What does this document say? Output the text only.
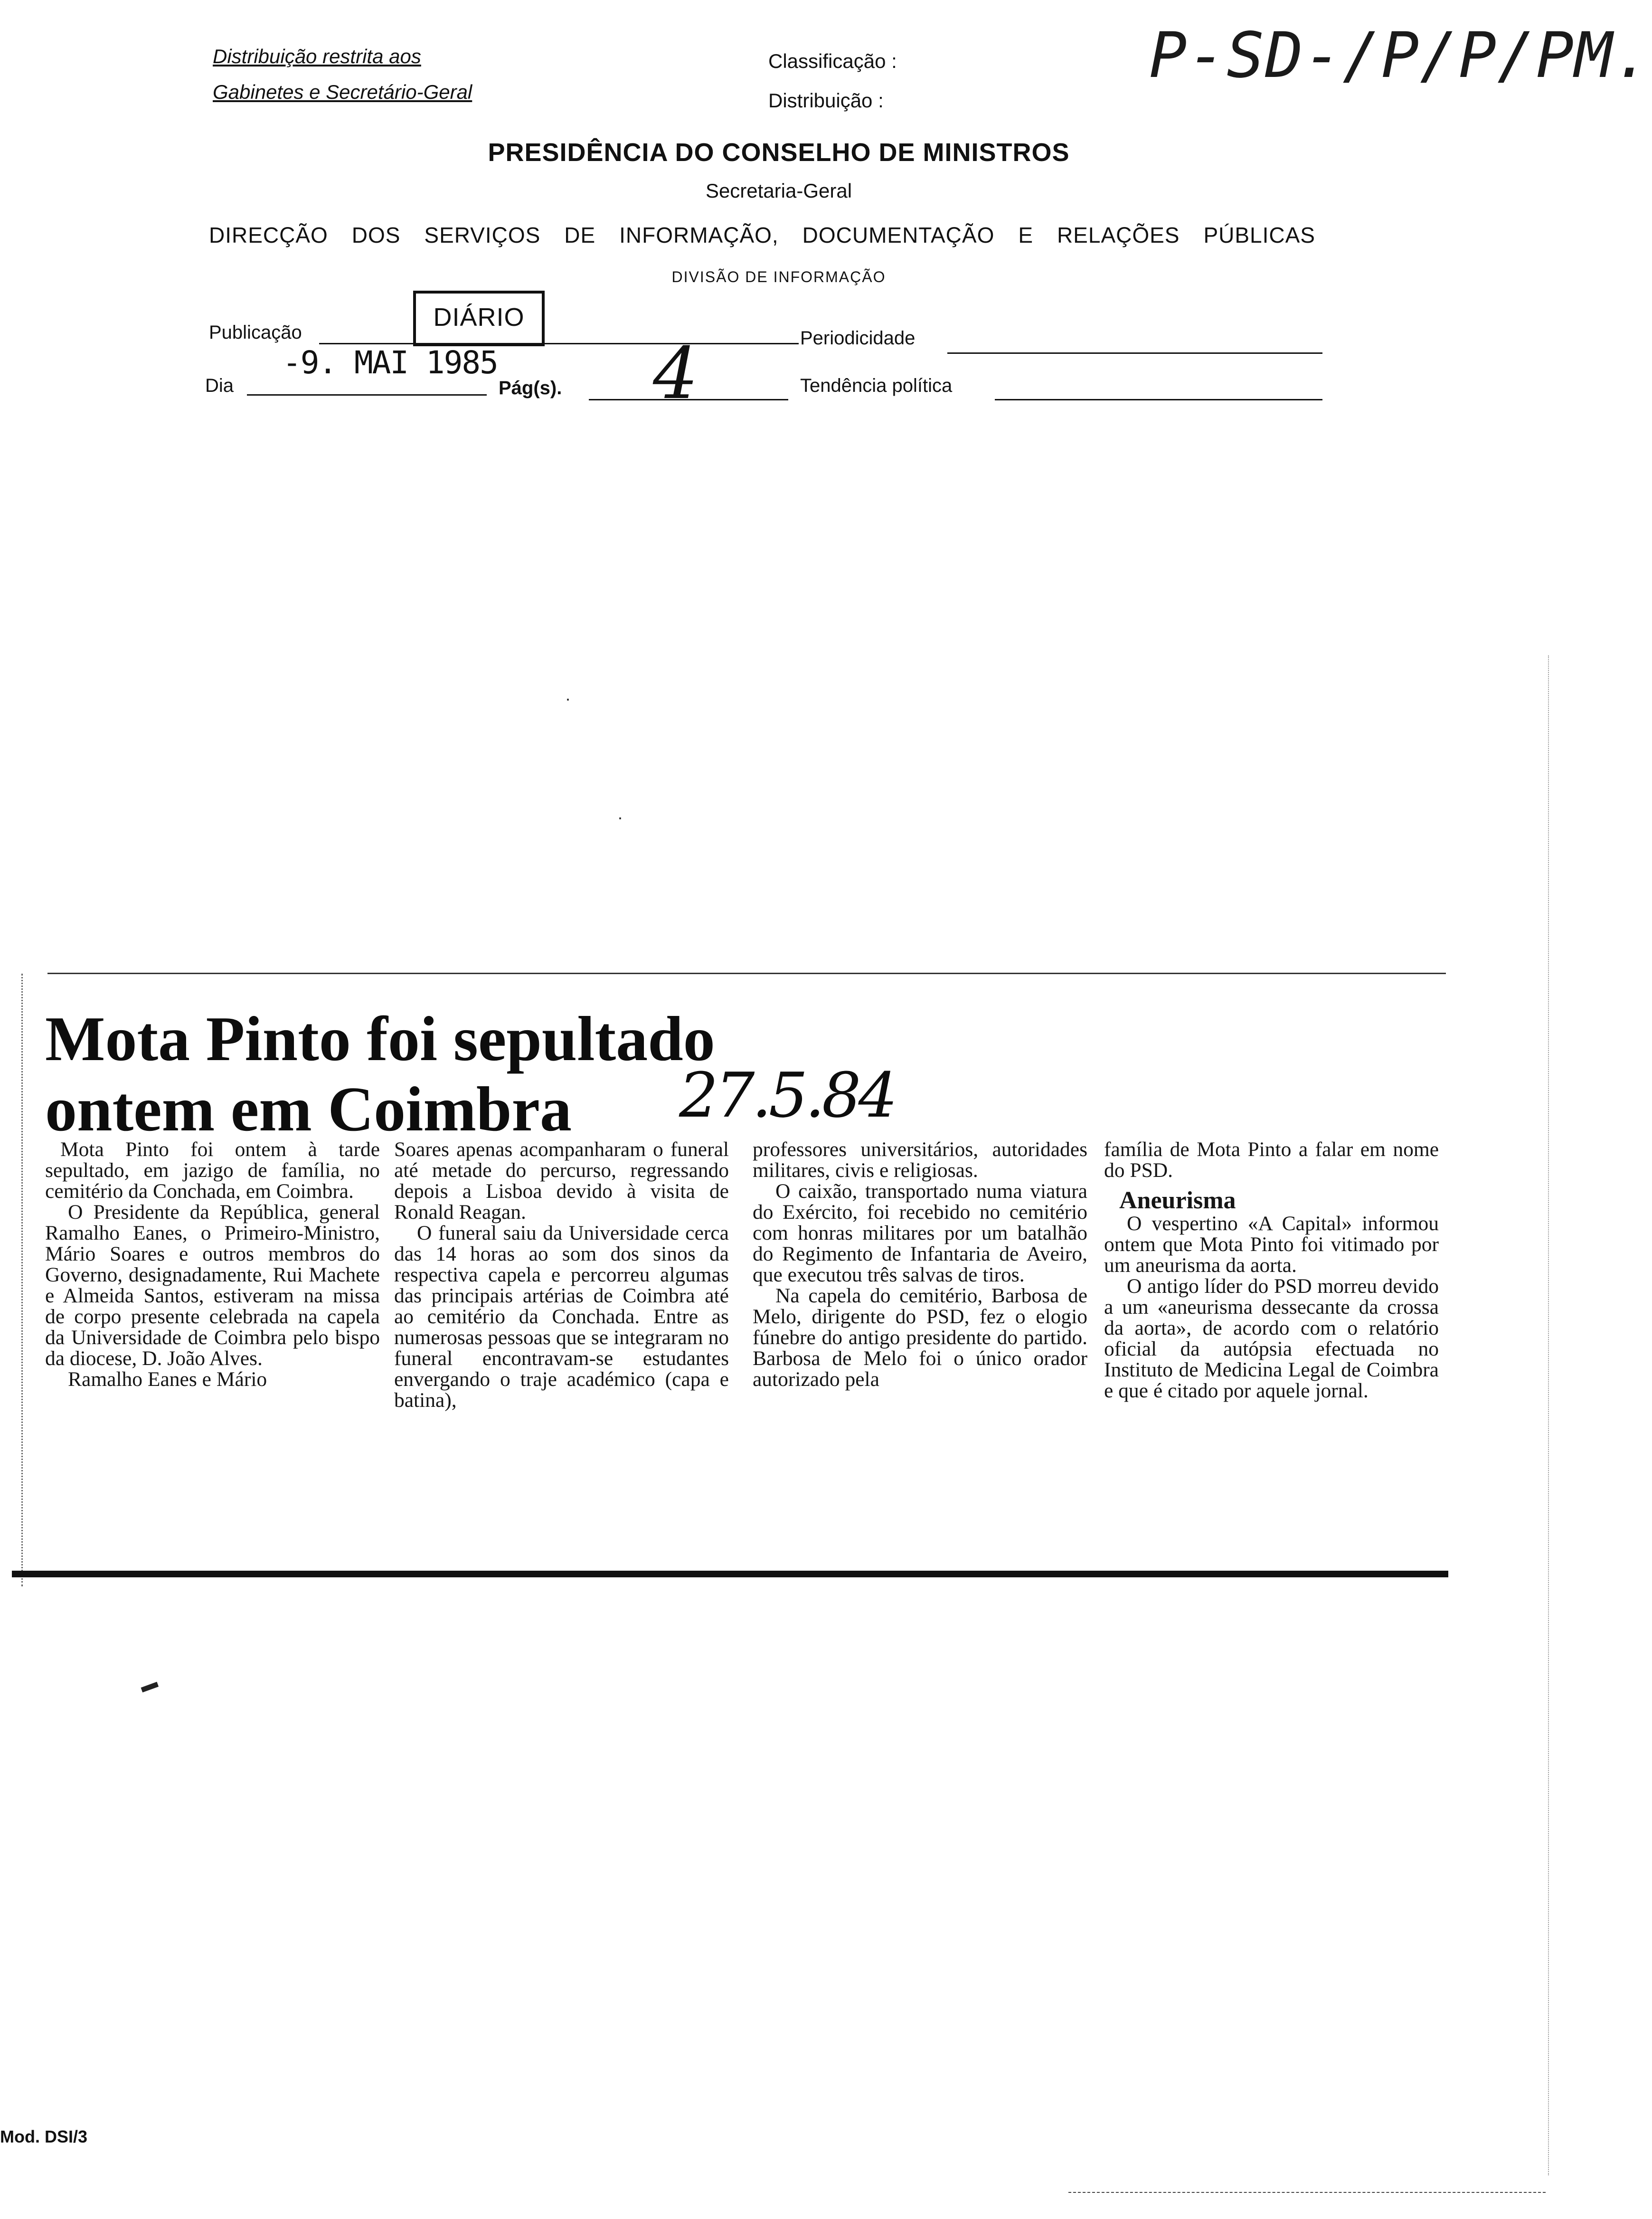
Distribuição restrita aos
Gabinetes e Secretário-Geral
Classificação :
Distribuição :
P-SD-/P/P/PM.
PRESIDÊNCIA DO CONSELHO DE MINISTROS
Secretaria-Geral
DIRECÇÃO DOS SERVIÇOS DE INFORMAÇÃO, DOCUMENTAÇÃO E RELAÇÕES PÚBLICAS
DIVISÃO DE INFORMAÇÃO
Publicação
DIÁRIO
Periodicidade
Dia
-9. MAI 1985
Pág(s). 4	Tendência política
Mota Pinto foi sepultado
ontem em Coimbra 27.5.84

Mota Pinto foi ontem à tarde sepultado, em jazigo de família, no cemitério da Conchada, em Coimbra.

O Presidente da República, general Ramalho Eanes, o Primeiro-Ministro, Mário Soares e outros membros do Governo, designadamente, Rui Machete e Almeida Santos, estiveram na missa de corpo presente celebrada na capela da Universidade de Coimbra pelo bispo da diocese, D. João Alves.

Ramalho Eanes e Mário

Soares apenas acompanharam o funeral até metade do percurso, regressando depois a Lisboa devido à visita de Ronald Reagan.

O funeral saiu da Universidade cerca das 14 horas ao som dos sinos da respectiva capela e percorreu algumas das principais artérias de Coimbra até ao cemitério da Conchada. Entre as numerosas pessoas que se integraram no funeral encontravam-se estudantes envergando o traje académico (capa e batina),

professores universitários, autoridades militares, civis e religiosas.

O caixão, transportado numa viatura do Exército, foi recebido no cemitério com honras militares por um batalhão do Regimento de Infantaria de Aveiro, que executou três salvas de tiros.

Na capela do cemitério, Barbosa de Melo, dirigente do PSD, fez o elogio fúnebre do antigo presidente do partido. Barbosa de Melo foi o único orador autorizado pela

família de Mota Pinto a falar em nome do PSD.

Aneurisma

O vespertino «A Capital» informou ontem que Mota Pinto foi vitimado por um aneurisma da aorta.

O antigo líder do PSD morreu devido a um «aneurisma dessecante da crossa da aorta», de acordo com o relatório oficial da autópsia efectuada no Instituto de Medicina Legal de Coimbra e que é citado por aquele jornal.

·
·
▬
Mod. DSI/3
